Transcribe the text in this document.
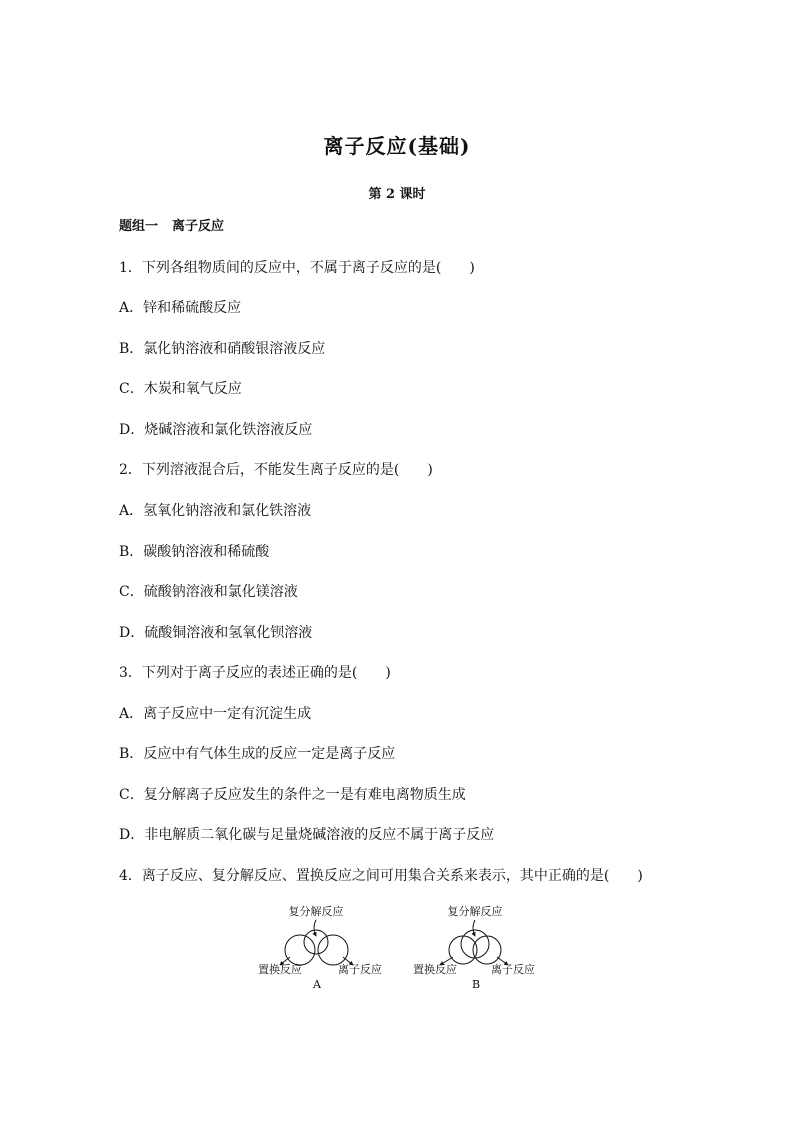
离子反应(基础)
第 2 课时
题组一 离子反应
1．下列各组物质间的反应中，不属于离子反应的是(　　)
A．锌和稀硫酸反应
B．氯化钠溶液和硝酸银溶液反应
C．木炭和氧气反应
D．烧碱溶液和氯化铁溶液反应
2．下列溶液混合后，不能发生离子反应的是(　　)
A．氢氧化钠溶液和氯化铁溶液
B．碳酸钠溶液和稀硫酸
C．硫酸钠溶液和氯化镁溶液
D．硫酸铜溶液和氢氧化钡溶液
3．下列对于离子反应的表述正确的是(　　)
A．离子反应中一定有沉淀生成
B．反应中有气体生成的反应一定是离子反应
C．复分解离子反应发生的条件之一是有难电离物质生成
D．非电解质二氧化碳与足量烧碱溶液的反应不属于离子反应
4．离子反应、复分解反应、置换反应之间可用集合关系来表示，其中正确的是(　　)
复分解反应
置换反应	离子反应
A
复分解反应
置换反应	离子反应
B
